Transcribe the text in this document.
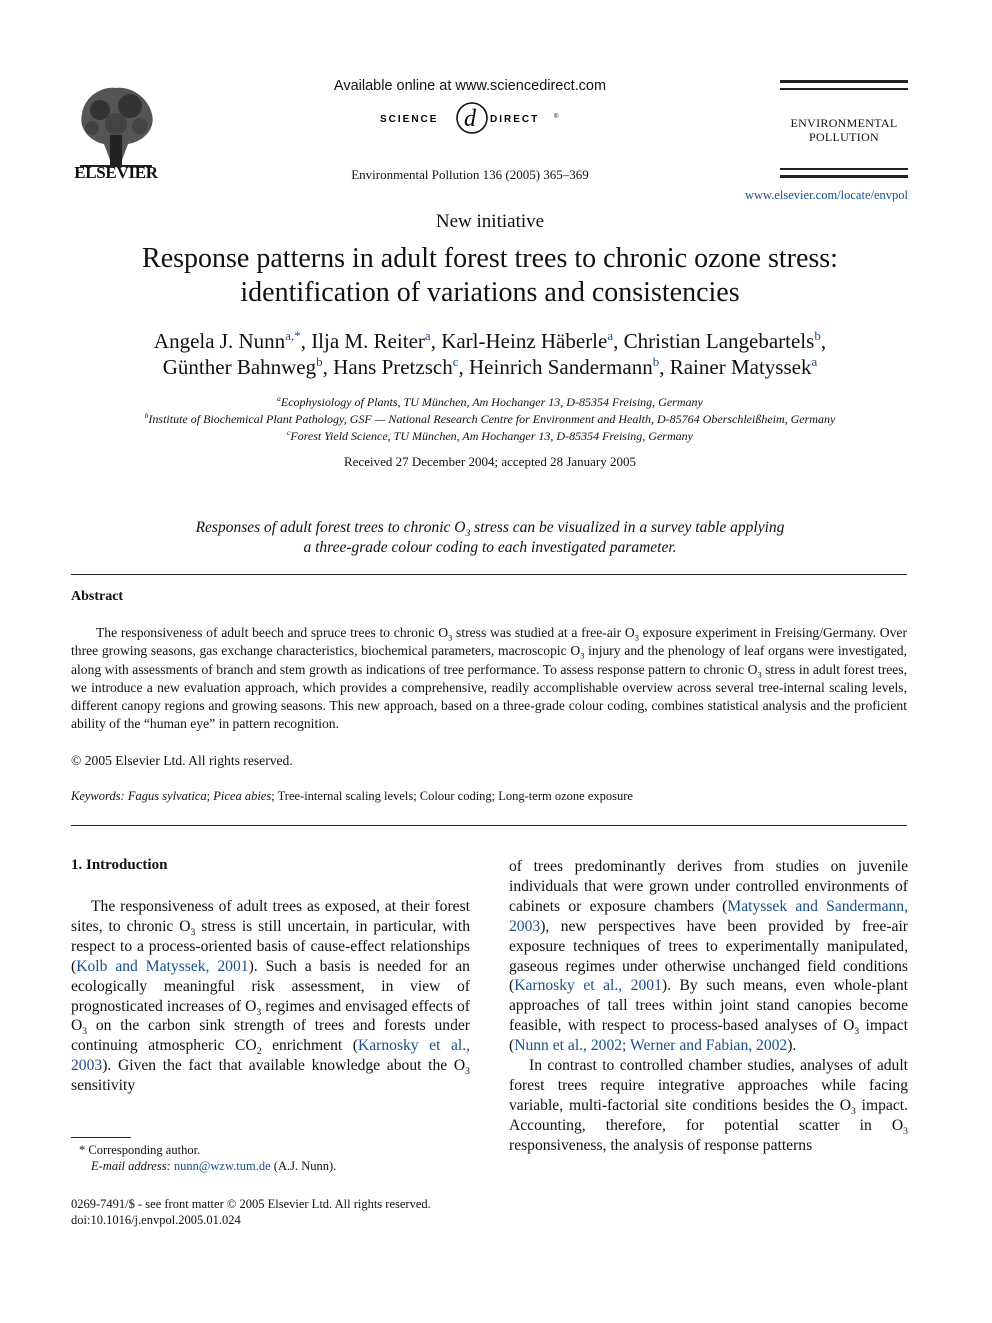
ELSEVIER
Available online at www.sciencedirect.com
SCIENCE d DIRECT ®
Environmental Pollution 136 (2005) 365–369
ENVIRONMENTAL
POLLUTION
www.elsevier.com/locate/envpol
New initiative
Response patterns in adult forest trees to chronic ozone stress:
identification of variations and consistencies
Angela J. Nunn$^{a,*}$, Ilja M. Reiter$^a$, Karl-Heinz Häberle$^a$, Christian Langebartels$^b$,
Günther Bahnweg$^b$, Hans Pretzsch$^c$, Heinrich Sandermann$^b$, Rainer Matyssek$^a$
$^a$Ecophysiology of Plants, TU München, Am Hochanger 13, D-85354 Freising, Germany
$^b$Institute of Biochemical Plant Pathology, GSF — National Research Centre for Environment and Health, D-85764 Oberschleißheim, Germany
$^c$Forest Yield Science, TU München, Am Hochanger 13, D-85354 Freising, Germany
Received 27 December 2004; accepted 28 January 2005
Responses of adult forest trees to chronic $O_3$ stress can be visualized in a survey table applying
a three-grade colour coding to each investigated parameter.
Abstract

The responsiveness of adult beech and spruce trees to chronic $O_3$ stress was studied at a free-air $O_3$ exposure experiment in Freising/Germany. Over three growing seasons, gas exchange characteristics, biochemical parameters, macroscopic $O_3$ injury and the phenology of leaf organs were investigated, along with assessments of branch and stem growth as indications of tree performance. To assess response pattern to chronic $O_3$ stress in adult forest trees, we introduce a new evaluation approach, which provides a comprehensive, readily accomplishable overview across several tree-internal scaling levels, different canopy regions and growing seasons. This new approach, based on a three-grade colour coding, combines statistical analysis and the proficient ability of the “human eye” in pattern recognition.

© 2005 Elsevier Ltd. All rights reserved.
Keywords: Fagus sylvatica; Picea abies; Tree-internal scaling levels; Colour coding; Long-term ozone exposure
1. Introduction

The responsiveness of adult trees as exposed, at their forest sites, to chronic $O_3$ stress is still uncertain, in particular, with respect to a process-oriented basis of cause-effect relationships (Kolb and Matyssek, 2001). Such a basis is needed for an ecologically meaningful risk assessment, in view of prognosticated increases of $O_3$ regimes and envisaged effects of $O_3$ on the carbon sink strength of trees and forests under continuing atmospheric $CO_2$ enrichment (Karnosky et al., 2003). Given the fact that available knowledge about the $O_3$ sensitivity

of trees predominantly derives from studies on juvenile individuals that were grown under controlled environments of cabinets or exposure chambers (Matyssek and Sandermann, 2003), new perspectives have been provided by free-air exposure techniques of trees to experimentally manipulated, gaseous regimes under otherwise unchanged field conditions (Karnosky et al., 2001). By such means, even whole-plant approaches of tall trees within joint stand canopies become feasible, with respect to process-based analyses of $O_3$ impact (Nunn et al., 2002; Werner and Fabian, 2002).

In contrast to controlled chamber studies, analyses of adult forest trees require integrative approaches while facing variable, multi-factorial site conditions besides the $O_3$ impact. Accounting, therefore, for potential scatter in $O_3$ responsiveness, the analysis of response patterns

* Corresponding author.
E-mail address: nunn@wzw.tum.de (A.J. Nunn).
0269-7491/$ - see front matter © 2005 Elsevier Ltd. All rights reserved.
doi:10.1016/j.envpol.2005.01.024
